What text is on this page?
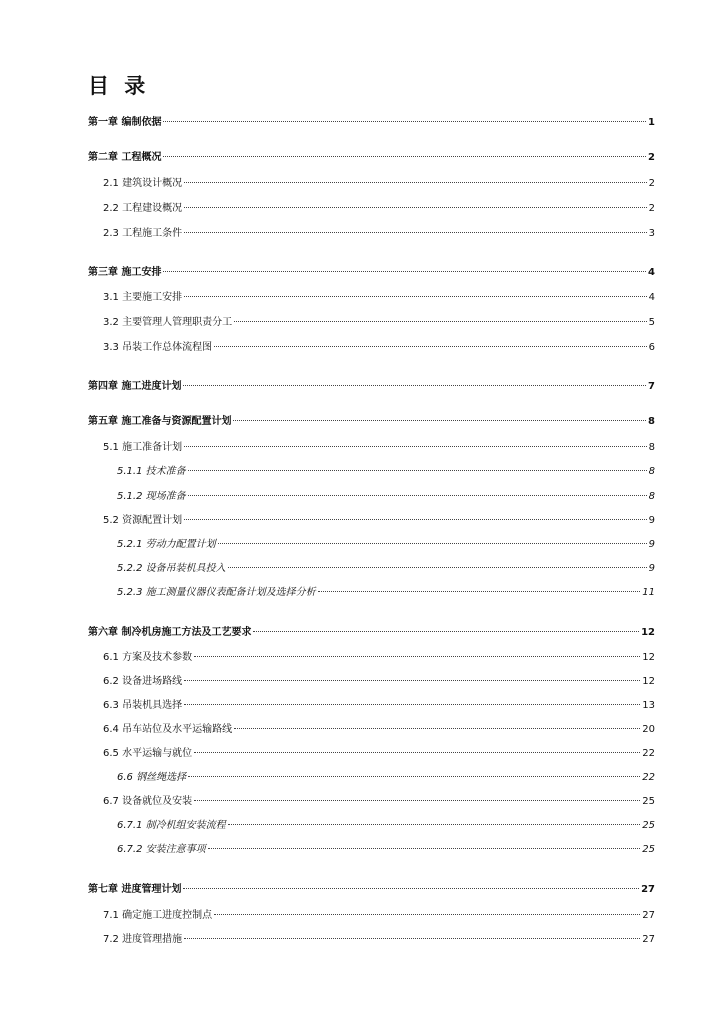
目 录
第一章 编制依据	1
第二章 工程概况	2
2.1 建筑设计概况	2
2.2 工程建设概况	2
2.3 工程施工条件	3
第三章 施工安排	4
3.1 主要施工安排	4
3.2 主要管理人管理职责分工	5
3.3 吊装工作总体流程图	6
第四章 施工进度计划	7
第五章 施工准备与资源配置计划	8
5.1 施工准备计划	8
5.1.1 技术准备	8
5.1.2 现场准备	8
5.2 资源配置计划	9
5.2.1 劳动力配置计划	9
5.2.2 设备吊装机具投入	9
5.2.3 施工测量仪器仪表配备计划及选择分析	11
第六章 制冷机房施工方法及工艺要求	12
6.1 方案及技术参数	12
6.2 设备进场路线	12
6.3 吊装机具选择	13
6.4 吊车站位及水平运输路线	20
6.5 水平运输与就位	22
6.6 钢丝绳选择	22
6.7 设备就位及安装	25
6.7.1 制冷机组安装流程	25
6.7.2 安装注意事项	25
第七章 进度管理计划	27
7.1 确定施工进度控制点	27
7.2 进度管理措施	27
